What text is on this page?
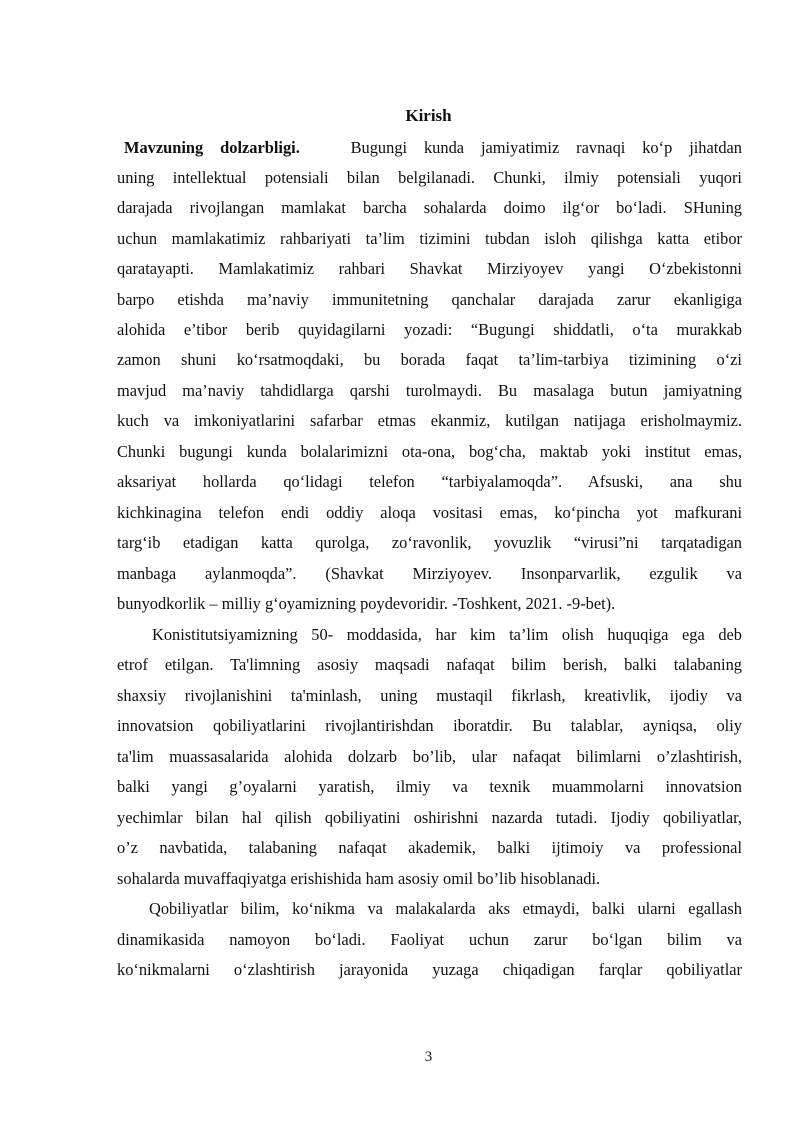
Kirish
Mavzuning dolzarbligi.	Bugungi kunda jamiyatimiz ravnaqi ko‘p jihatdan
uning intellektual potensiali bilan belgilanadi. Chunki, ilmiy potensiali yuqori
darajada rivojlangan mamlakat barcha sohalarda doimo ilg‘or bo‘ladi. SHuning
uchun mamlakatimiz rahbariyati ta’lim tizimini tubdan isloh qilishga katta etibor
qaratayapti. Mamlakatimiz rahbari Shavkat Mirziyoyev yangi O‘zbekistonni
barpo etishda ma’naviy immunitetning qanchalar darajada zarur ekanligiga
alohida e’tibor berib quyidagilarni yozadi: “Bugungi shiddatli, o‘ta murakkab
zamon shuni ko‘rsatmoqdaki, bu borada faqat ta’lim-tarbiya tizimining o‘zi
mavjud ma’naviy tahdidlarga qarshi turolmaydi. Bu masalaga butun jamiyatning
kuch va imkoniyatlarini safarbar etmas ekanmiz, kutilgan natijaga erisholmaymiz.
Chunki bugungi kunda bolalarimizni ota-ona, bog‘cha, maktab yoki institut emas,
aksariyat hollarda qo‘lidagi telefon “tarbiyalamoqda”. Afsuski, ana shu
kichkinagina telefon endi oddiy aloqa vositasi emas, ko‘pincha yot mafkurani
targ‘ib etadigan katta qurolga, zo‘ravonlik, yovuzlik “virusi”ni tarqatadigan
manbaga aylanmoqda”. (Shavkat Mirziyoyev. Insonparvarlik, ezgulik va
bunyodkorlik – milliy g‘oyamizning poydevoridir. -Toshkent, 2021. -9-bet).
Konistitutsiyamizning 50- moddasida, har kim ta’lim olish huquqiga ega deb
etrof etilgan. Ta'limning asosiy maqsadi nafaqat bilim berish, balki talabaning
shaxsiy rivojlanishini ta'minlash, uning mustaqil fikrlash, kreativlik, ijodiy va
innovatsion qobiliyatlarini rivojlantirishdan iboratdir. Bu talablar, ayniqsa, oliy
ta'lim muassasalarida alohida dolzarb bo’lib, ular nafaqat bilimlarni o’zlashtirish,
balki yangi g’oyalarni yaratish, ilmiy va texnik muammolarni innovatsion
yechimlar bilan hal qilish qobiliyatini oshirishni nazarda tutadi. Ijodiy qobiliyatlar,
o’z navbatida, talabaning nafaqat akademik, balki ijtimoiy va professional
sohalarda muvaffaqiyatga erishishida ham asosiy omil bo’lib hisoblanadi.
Qobiliyatlar bilim, ko‘nikma va malakalarda aks etmaydi, balki ularni egallash
dinamikasida namoyon bo‘ladi. Faoliyat uchun zarur bo‘lgan bilim va
ko‘nikmalarni o‘zlashtirish jarayonida yuzaga chiqadigan farqlar qobiliyatlar
3
